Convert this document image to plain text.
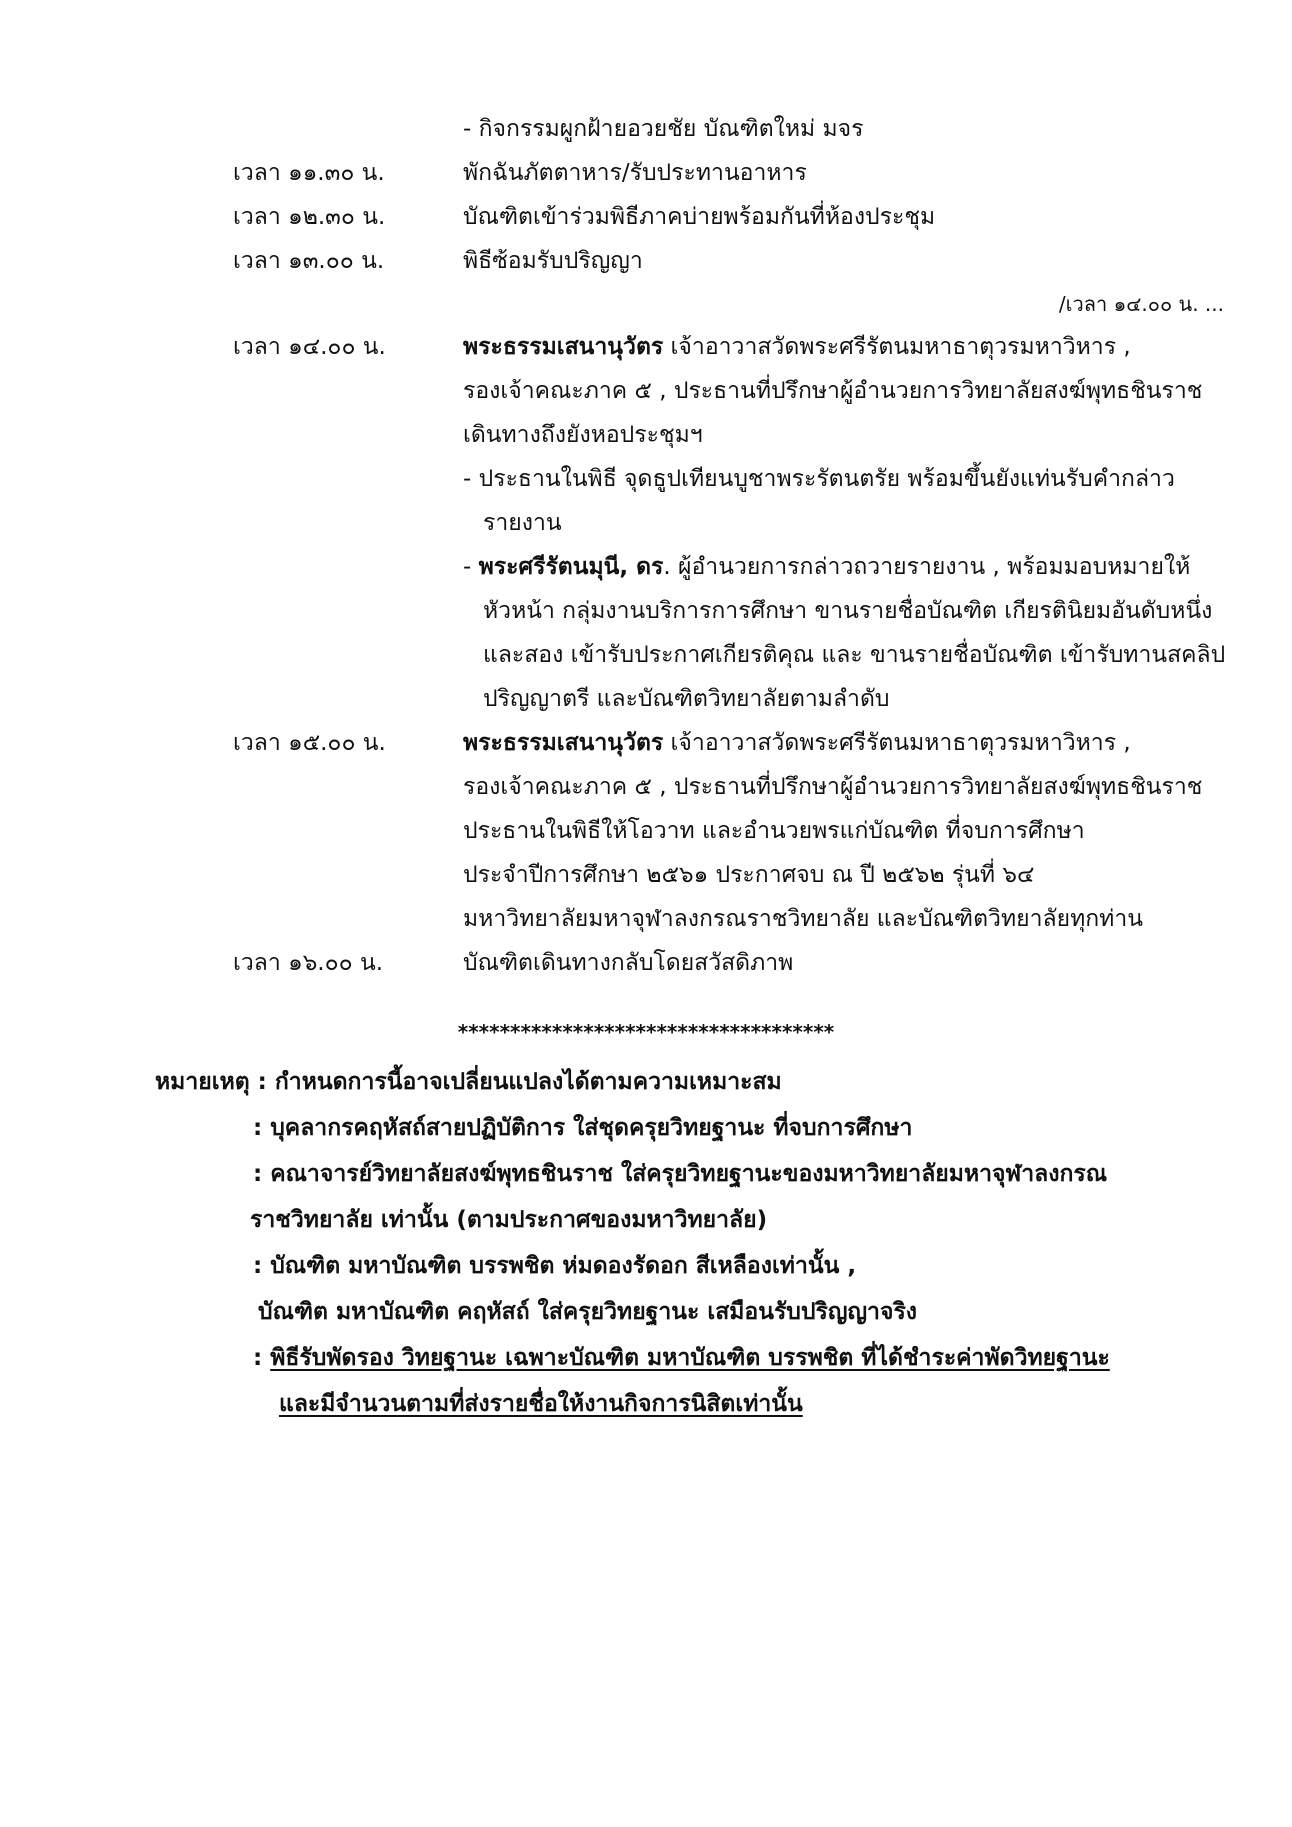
- กิจกรรมผูกฝ้ายอวยชัย บัณฑิตใหม่ มจร
เวลา ๑๑.๓๐ น.	พักฉันภัตตาหาร/รับประทานอาหาร
เวลา ๑๒.๓๐ น.	บัณฑิตเข้าร่วมพิธีภาคบ่ายพร้อมกันที่ห้องประชุม
เวลา ๑๓.๐๐ น.	พิธีซ้อมรับปริญญา
/เวลา ๑๔.๐๐ น. ...
เวลา ๑๔.๐๐ น.	พระธรรมเสนานุวัตร เจ้าอาวาสวัดพระศรีรัตนมหาธาตุวรมหาวิหาร ,
รองเจ้าคณะภาค ๕ , ประธานที่ปรึกษาผู้อำนวยการวิทยาลัยสงฆ์พุทธชินราช
เดินทางถึงยังหอประชุมฯ
- ประธานในพิธี จุดธูปเทียนบูชาพระรัตนตรัย พร้อมขึ้นยังแท่นรับคำกล่าว
รายงาน
- พระศรีรัตนมุนี, ดร. ผู้อำนวยการกล่าวถวายรายงาน , พร้อมมอบหมายให้
หัวหน้า กลุ่มงานบริการการศึกษา ขานรายชื่อบัณฑิต เกียรตินิยมอันดับหนึ่ง
และสอง เข้ารับประกาศเกียรติคุณ และ ขานรายชื่อบัณฑิต เข้ารับทานสคลิป
ปริญญาตรี และบัณฑิตวิทยาลัยตามลำดับ
เวลา ๑๕.๐๐ น.	พระธรรมเสนานุวัตร เจ้าอาวาสวัดพระศรีรัตนมหาธาตุวรมหาวิหาร ,
รองเจ้าคณะภาค ๕ , ประธานที่ปรึกษาผู้อำนวยการวิทยาลัยสงฆ์พุทธชินราช
ประธานในพิธีให้โอวาท และอำนวยพรแก่บัณฑิต ที่จบการศึกษา
ประจำปีการศึกษา ๒๕๖๑ ประกาศจบ ณ ปี ๒๕๖๒ รุ่นที่ ๖๔
มหาวิทยาลัยมหาจุฬาลงกรณราชวิทยาลัย และบัณฑิตวิทยาลัยทุกท่าน
เวลา ๑๖.๐๐ น.	บัณฑิตเดินทางกลับโดยสวัสดิภาพ
************************************
หมายเหตุ : กำหนดการนี้อาจเปลี่ยนแปลงได้ตามความเหมาะสม
: บุคลากรคฤหัสถ์สายปฏิบัติการ ใส่ชุดครุยวิทยฐานะ ที่จบการศึกษา
: คณาจารย์วิทยาลัยสงฆ์พุทธชินราช ใส่ครุยวิทยฐานะของมหาวิทยาลัยมหาจุฬาลงกรณ
ราชวิทยาลัย เท่านั้น (ตามประกาศของมหาวิทยาลัย)
: บัณฑิต มหาบัณฑิต บรรพชิต ห่มดองรัดอก สีเหลืองเท่านั้น ,
บัณฑิต มหาบัณฑิต คฤหัสถ์ ใส่ครุยวิทยฐานะ เสมือนรับปริญญาจริง
: พิธีรับพัดรอง วิทยฐานะ เฉพาะบัณฑิต มหาบัณฑิต บรรพชิต ที่ได้ชำระค่าพัดวิทยฐานะ
และมีจำนวนตามที่ส่งรายชื่อให้งานกิจการนิสิตเท่านั้น
